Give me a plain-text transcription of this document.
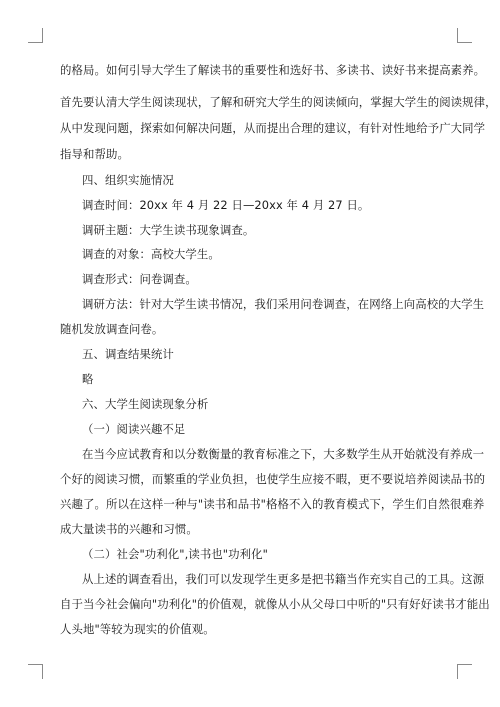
的格局。如何引导大学生了解读书的重要性和选好书、多读书、读好书来提高素养。
首先要认清大学生阅读现状，了解和研究大学生的阅读倾向，掌握大学生的阅读规律，
从中发现问题，探索如何解决问题，从而提出合理的建议，有针对性地给予广大同学
指导和帮助。
四、组织实施情况
调查时间：20xx 年 4 月 22 日—20xx 年 4 月 27 日。
调研主题：大学生读书现象调查。
调查的对象：高校大学生。
调查形式：问卷调查。
调研方法：针对大学生读书情况，我们采用问卷调查，在网络上向高校的大学生
随机发放调查问卷。
五、调查结果统计
略
六、大学生阅读现象分析
（一）阅读兴趣不足
在当今应试教育和以分数衡量的教育标准之下，大多数学生从开始就没有养成一
个好的阅读习惯，而繁重的学业负担，也使学生应接不暇，更不要说培养阅读品书的
兴趣了。所以在这样一种与"读书和品书"格格不入的教育模式下，学生们自然很难养
成大量读书的兴趣和习惯。
（二）社会"功利化",读书也"功利化"
从上述的调查看出，我们可以发现学生更多是把书籍当作充实自己的工具。这源
自于当今社会偏向"功利化"的价值观，就像从小从父母口中听的"只有好好读书才能出
人头地"等较为现实的价值观。
